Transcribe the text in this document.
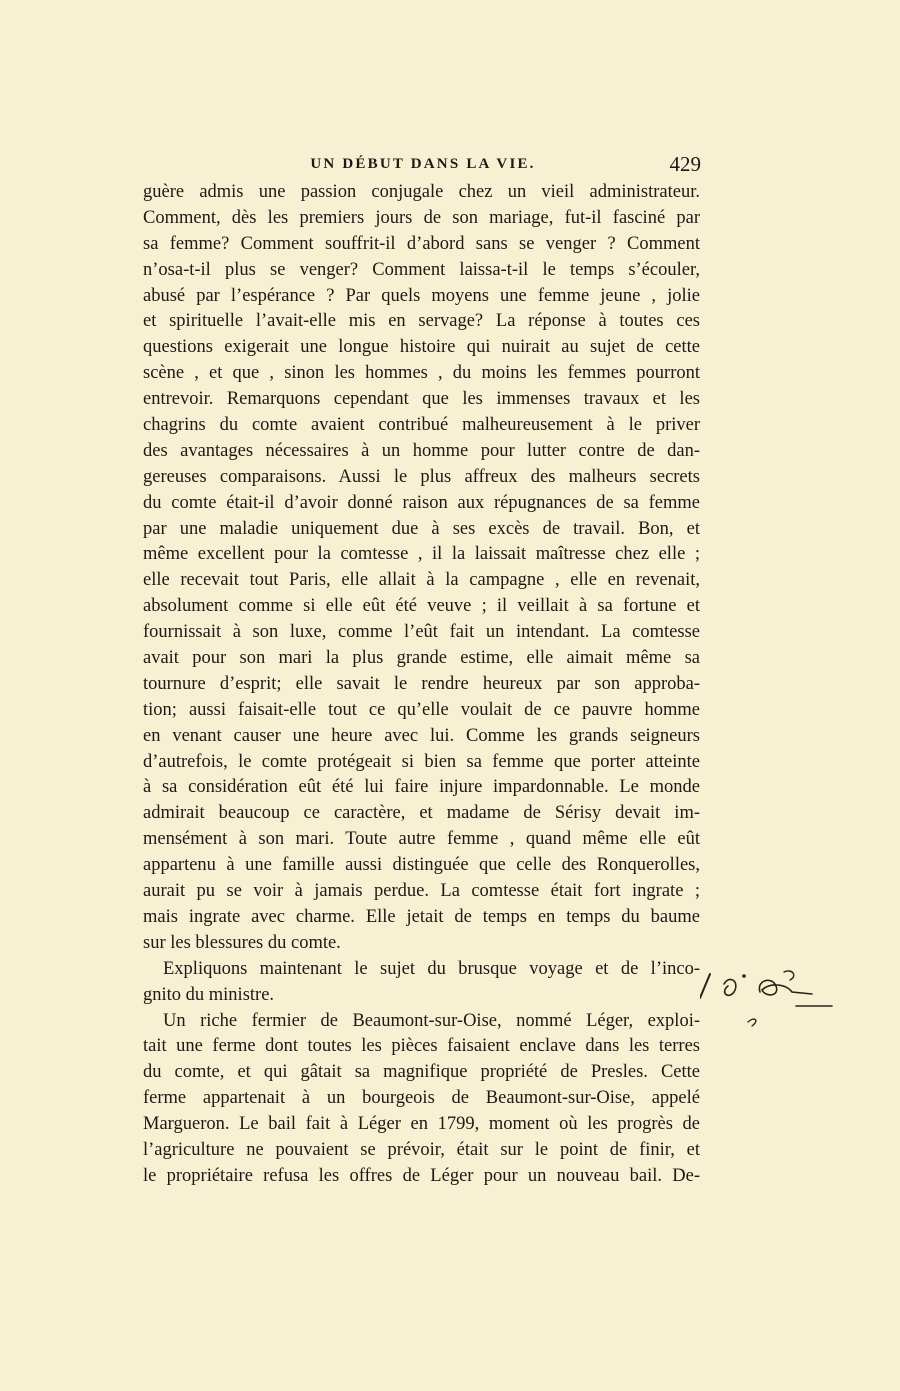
UN DÉBUT DANS LA VIE.	429
guère admis une passion conjugale chez un vieil administrateur.
Comment, dès les premiers jours de son mariage, fut-il fasciné par
sa femme? Comment souffrit-il d’abord sans se venger ? Comment
n’osa-t-il plus se venger? Comment laissa-t-il le temps s’écouler,
abusé par l’espérance ? Par quels moyens une femme jeune , jolie
et spirituelle l’avait-elle mis en servage? La réponse à toutes ces
questions exigerait une longue histoire qui nuirait au sujet de cette
scène , et que , sinon les hommes , du moins les femmes pourront
entrevoir. Remarquons cependant que les immenses travaux et les
chagrins du comte avaient contribué malheureusement à le priver
des avantages nécessaires à un homme pour lutter contre de dan-
gereuses comparaisons. Aussi le plus affreux des malheurs secrets
du comte était-il d’avoir donné raison aux répugnances de sa femme
par une maladie uniquement due à ses excès de travail. Bon, et
même excellent pour la comtesse , il la laissait maîtresse chez elle ;
elle recevait tout Paris, elle allait à la campagne , elle en revenait,
absolument comme si elle eût été veuve ; il veillait à sa fortune et
fournissait à son luxe, comme l’eût fait un intendant. La comtesse
avait pour son mari la plus grande estime, elle aimait même sa
tournure d’esprit; elle savait le rendre heureux par son approba-
tion; aussi faisait-elle tout ce qu’elle voulait de ce pauvre homme
en venant causer une heure avec lui. Comme les grands seigneurs
d’autrefois, le comte protégeait si bien sa femme que porter atteinte
à sa considération eût été lui faire injure impardonnable. Le monde
admirait beaucoup ce caractère, et madame de Sérisy devait im-
mensément à son mari. Toute autre femme , quand même elle eût
appartenu à une famille aussi distinguée que celle des Ronquerolles,
aurait pu se voir à jamais perdue. La comtesse était fort ingrate ;
mais ingrate avec charme. Elle jetait de temps en temps du baume
sur les blessures du comte.
Expliquons maintenant le sujet du brusque voyage et de l’inco-
gnito du ministre.
Un riche fermier de Beaumont-sur-Oise, nommé Léger, exploi-
tait une ferme dont toutes les pièces faisaient enclave dans les terres
du comte, et qui gâtait sa magnifique propriété de Presles. Cette
ferme appartenait à un bourgeois de Beaumont-sur-Oise, appelé
Margueron. Le bail fait à Léger en 1799, moment où les progrès de
l’agriculture ne pouvaient se prévoir, était sur le point de finir, et
le propriétaire refusa les offres de Léger pour un nouveau bail. De-
